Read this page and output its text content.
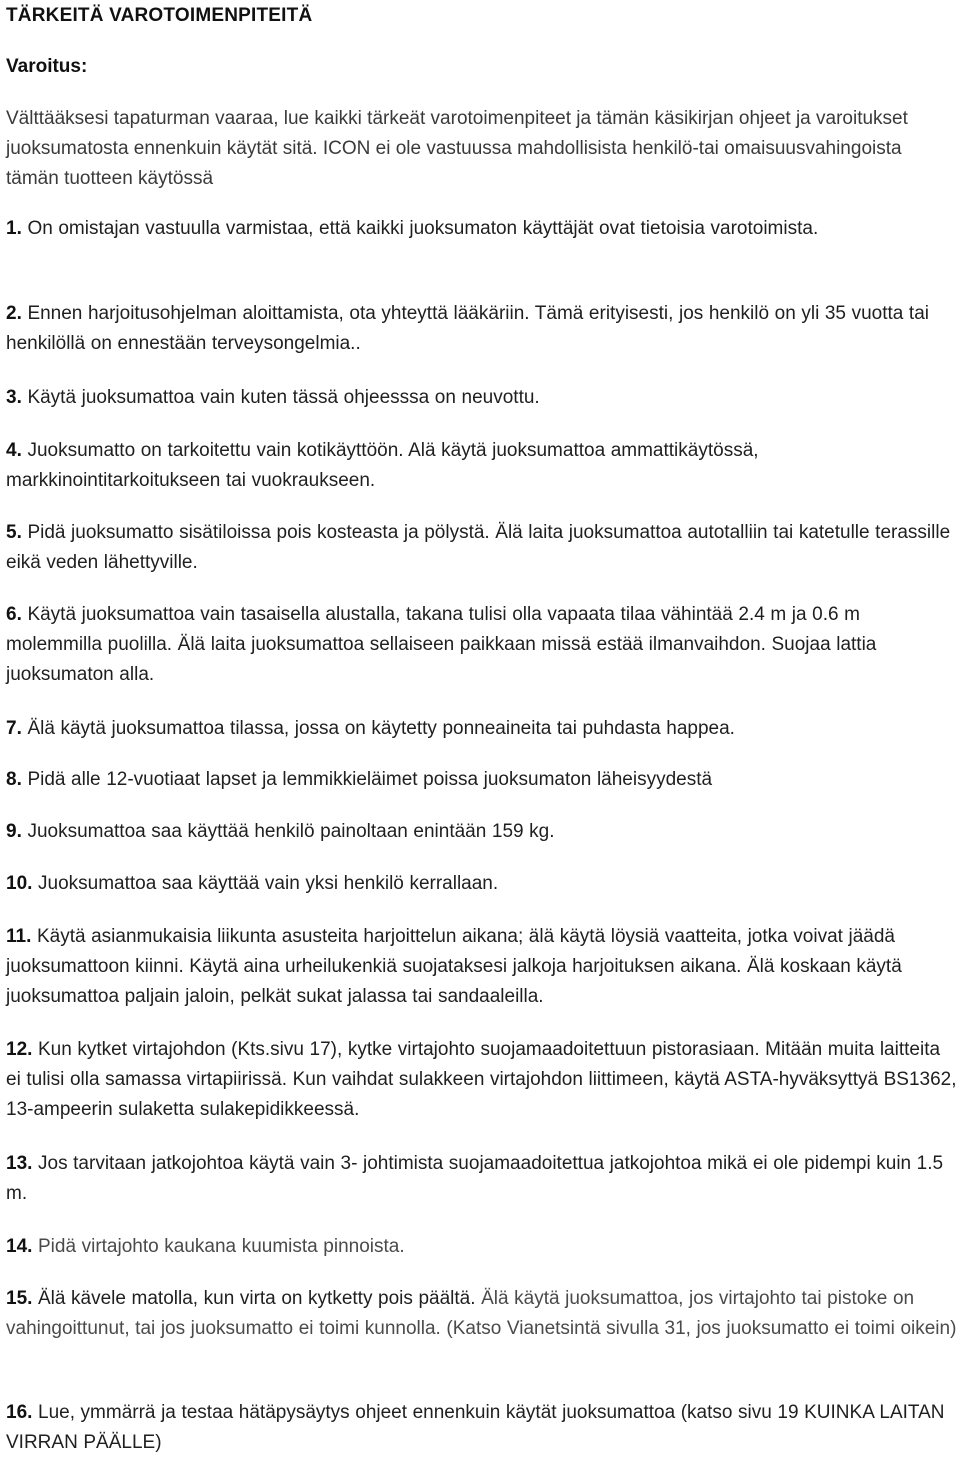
TÄRKEITÄ VAROTOIMENPITEITÄ
Varoitus:

Välttääksesi tapaturman vaaraa, lue kaikki tärkeät varotoimenpiteet ja tämän käsikirjan ohjeet ja varoitukset juoksumatosta ennenkuin käytät sitä. ICON ei ole vastuussa mahdollisista henkilö-tai omaisuusvahingoista tämän tuotteen käytössä

1. On omistajan vastuulla varmistaa, että kaikki juoksumaton käyttäjät ovat tietoisia varotoimista.

2. Ennen harjoitusohjelman aloittamista, ota yhteyttä lääkäriin. Tämä erityisesti, jos henkilö on yli 35 vuotta tai henkilöllä on ennestään terveysongelmia..

3. Käytä juoksumattoa vain kuten tässä ohjeesssa on neuvottu.

4. Juoksumatto on tarkoitettu vain kotikäyttöön. Alä käytä juoksumattoa ammattikäytössä, markkinointitarkoitukseen tai vuokraukseen.

5. Pidä juoksumatto sisätiloissa pois kosteasta ja pölystä. Älä laita juoksumattoa autotalliin tai katetulle terassille eikä veden lähettyville.

6. Käytä juoksumattoa vain tasaisella alustalla, takana tulisi olla vapaata tilaa vähintää 2.4 m ja 0.6 m molemmilla puolilla. Älä laita juoksumattoa sellaiseen paikkaan missä estää ilmanvaihdon. Suojaa lattia juoksumaton alla.

7. Älä käytä juoksumattoa tilassa, jossa on käytetty ponneaineita tai puhdasta happea.

8. Pidä alle 12-vuotiaat lapset ja lemmikkieläimet poissa juoksumaton läheisyydestä

9. Juoksumattoa saa käyttää henkilö painoltaan enintään 159 kg.

10. Juoksumattoa saa käyttää vain yksi henkilö kerrallaan.

11. Käytä asianmukaisia liikunta asusteita harjoittelun aikana; älä käytä löysiä vaatteita, jotka voivat jäädä juoksumattoon kiinni. Käytä aina urheilukenkiä suojataksesi jalkoja harjoituksen aikana. Älä koskaan käytä juoksumattoa paljain jaloin, pelkät sukat jalassa tai sandaaleilla.

12. Kun kytket virtajohdon (Kts.sivu 17), kytke virtajohto suojamaadoitettuun pistorasiaan. Mitään muita laitteita ei tulisi olla samassa virtapiirissä. Kun vaihdat sulakkeen virtajohdon liittimeen, käytä ASTA-hyväksyttyä BS1362, 13-ampeerin sulaketta sulakepidikkeessä.

13. Jos tarvitaan jatkojohtoa käytä vain 3- johtimista suojamaadoitettua jatkojohtoa mikä ei ole pidempi kuin 1.5 m.

14. Pidä virtajohto kaukana kuumista pinnoista.

15. Älä kävele matolla, kun virta on kytketty pois päältä. Älä käytä juoksumattoa, jos virtajohto tai pistoke on vahingoittunut, tai jos juoksumatto ei toimi kunnolla. (Katso Vianetsintä sivulla 31, jos juoksumatto ei toimi oikein)

16. Lue, ymmärrä ja testaa hätäpysäytys ohjeet ennenkuin käytät juoksumattoa (katso sivu 19 KUINKA LAITAN VIRRAN PÄÄLLE)
